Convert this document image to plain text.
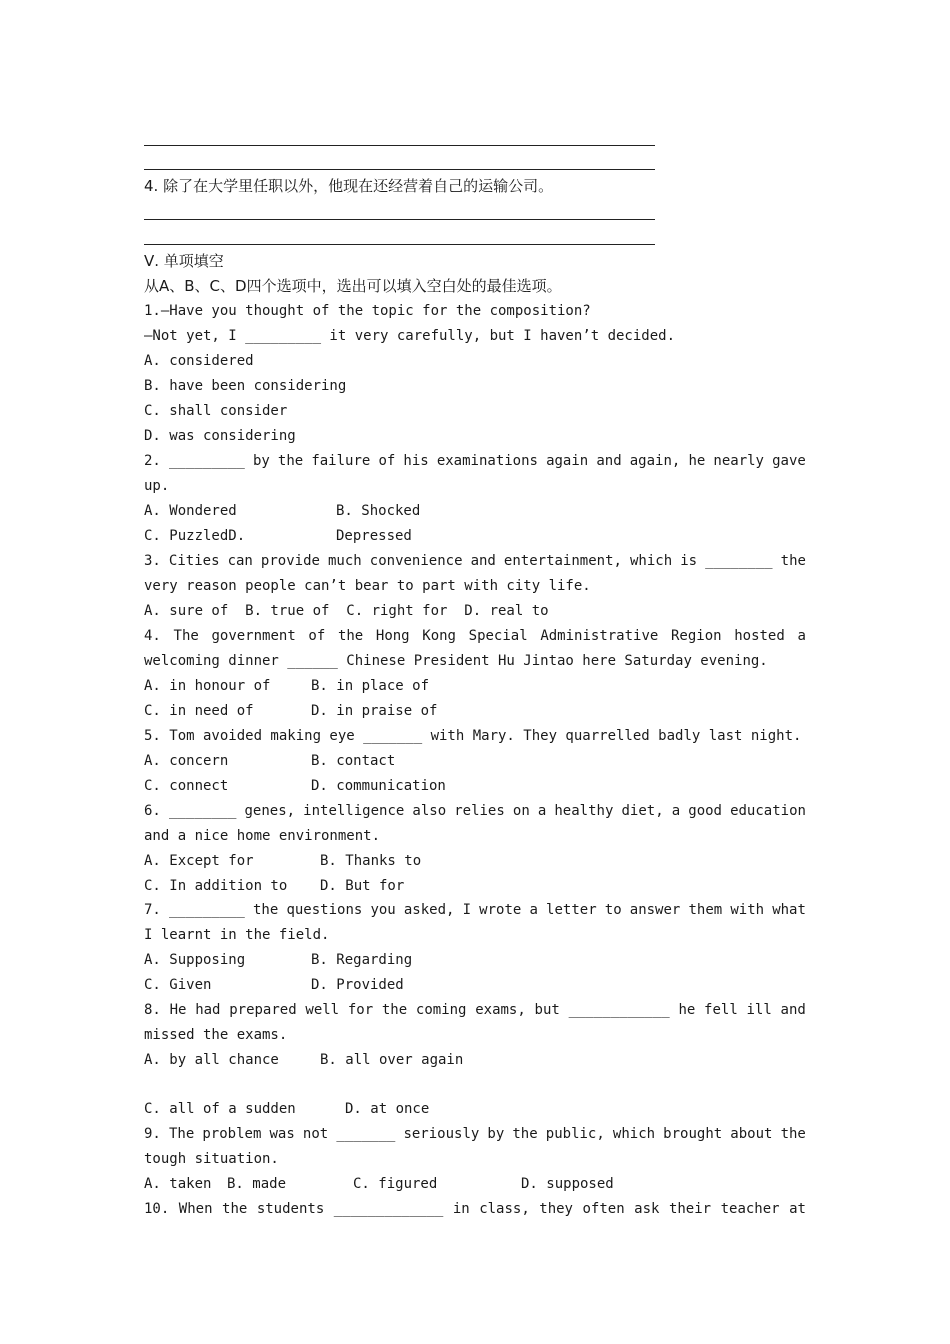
4. 除了在大学里任职以外，他现在还经营着自己的运输公司。
Ⅴ. 单项填空
从A、B、C、D四个选项中，选出可以填入空白处的最佳选项。
1.—Have you thought of the topic for the composition?
—Not yet, I _________ it very carefully, but I haven’t decided.
A. considered
B. have been considering
C. shall consider
D. was considering
2. _________ by the failure of his examinations again and again, he nearly gave
up.
A. Wondered	B. Shocked
C. PuzzledD.	Depressed
3. Cities can provide much convenience and entertainment, which is ________ the
very reason people can’t bear to part with city life.
A. sure of  B. true of  C. right for  D. real to
4. The government of the Hong Kong Special Administrative Region hosted a
welcoming dinner ______ Chinese President Hu Jintao here Saturday evening.
A. in honour of	B. in place of
C. in need of	D. in praise of
5. Tom avoided making eye _______ with Mary. They quarrelled badly last night.
A. concern	B. contact
C. connect	D. communication
6. ________ genes, intelligence also relies on a healthy diet, a good education
and a nice home environment.
A. Except for	B. Thanks to
C. In addition to D. But for
7. _________ the questions you asked, I wrote a letter to answer them with what
I learnt in the field.
A. Supposing	B. Regarding
C. Given	D. Provided
8. He had prepared well for the coming exams, but ____________ he fell ill and
missed the exams.
A. by all chance	B. all over again
C. all of a sudden	D. at once
9. The problem was not _______ seriously by the public, which brought about the
tough situation.
A. taken B. made	C. figured	D. supposed
10. When the students _____________ in class, they often ask their teacher at
